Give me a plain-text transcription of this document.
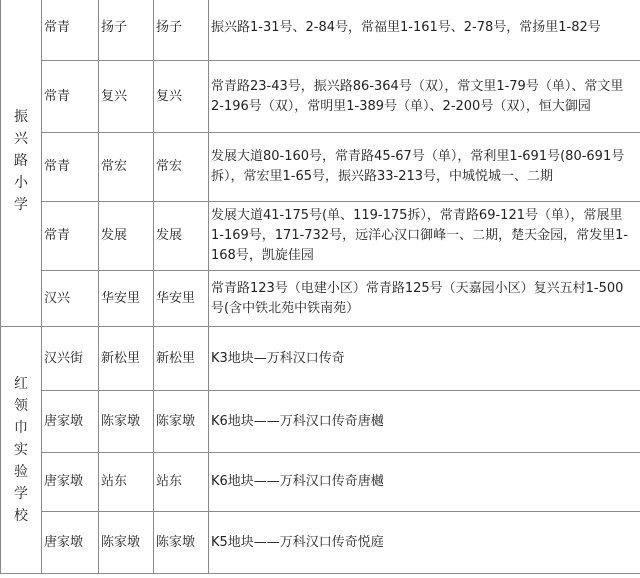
振兴路小学	常青	扬子	扬子	振兴路1-31号、2-84号，常福里1-161号、2-78号，常扬里1-82号
	常青	复兴	复兴	常青路23-43号，振兴路86-364号（双），常文里1-79号（单）、常文里2-196号（双），常明里1-389号（单）、2-200号（双），恒大御园
	常青	常宏	常宏	发展大道80-160号，常青路45-67号（单），常利里1-691号(80-691号拆），常宏里1-65号，振兴路33-213号，中城悦城一、二期
	常青	发展	发展	发展大道41-175号(单、119-175拆），常青路69-121号（单），常展里1-169号，171-732号，远洋心汉口御峰一、二期，楚天金园，常发里1-168号，凯旋佳园
	汉兴	华安里	华安里	常青路123号（电建小区）常青路125号（天嘉园小区）复兴五村1-500号(含中铁北苑中铁南苑）
红领巾实验学校	汉兴街	新松里	新松里	K3地块—万科汉口传奇
	唐家墩	陈家墩	陈家墩	K6地块——万科汉口传奇唐樾
	唐家墩	站东	站东	K6地块——万科汉口传奇唐樾
	唐家墩	陈家墩	陈家墩	K5地块——万科汉口传奇悦庭
